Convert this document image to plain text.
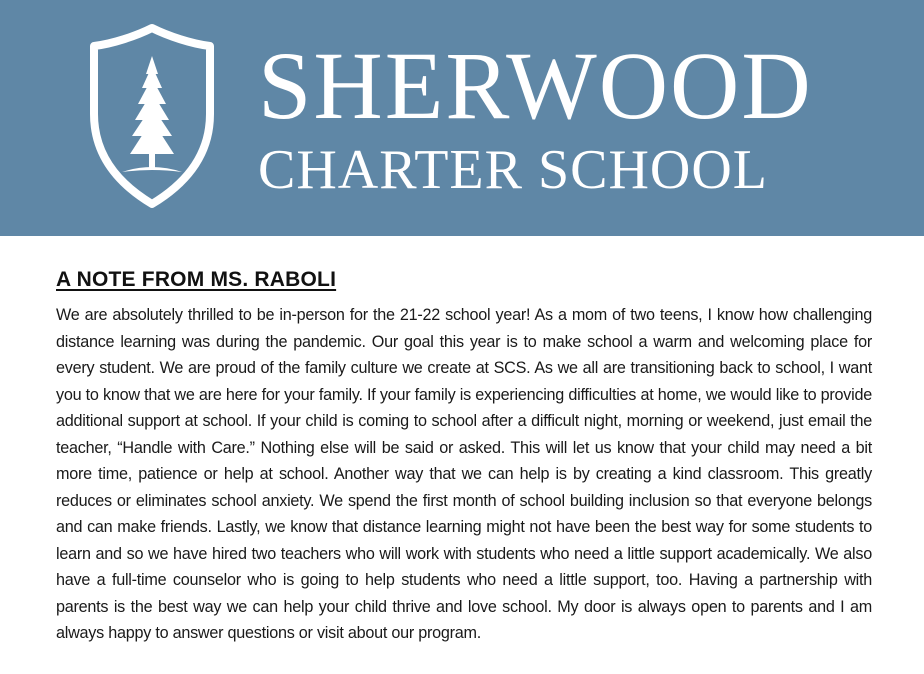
SHERWOOD
CHARTER SCHOOL
A NOTE FROM MS. RABOLI

We are absolutely thrilled to be in-person for the 21-22 school year! As a mom of two teens, I know how challenging distance learning was during the pandemic. Our goal this year is to make school a warm and welcoming place for every student. We are proud of the family culture we create at SCS. As we all are transitioning back to school, I want you to know that we are here for your family. If your family is experiencing difficulties at home, we would like to provide additional support at school. If your child is coming to school after a difficult night, morning or weekend, just email the teacher, “Handle with Care.” Nothing else will be said or asked. This will let us know that your child may need a bit more time, patience or help at school. Another way that we can help is by creating a kind classroom. This greatly reduces or eliminates school anxiety. We spend the first month of school building inclusion so that everyone belongs and can make friends. Lastly, we know that distance learning might not have been the best way for some students to learn and so we have hired two teachers who will work with students who need a little support academically. We also have a full-time counselor who is going to help students who need a little support, too. Having a partnership with parents is the best way we can help your child thrive and love school. My door is always open to parents and I am always happy to answer questions or visit about our program.
